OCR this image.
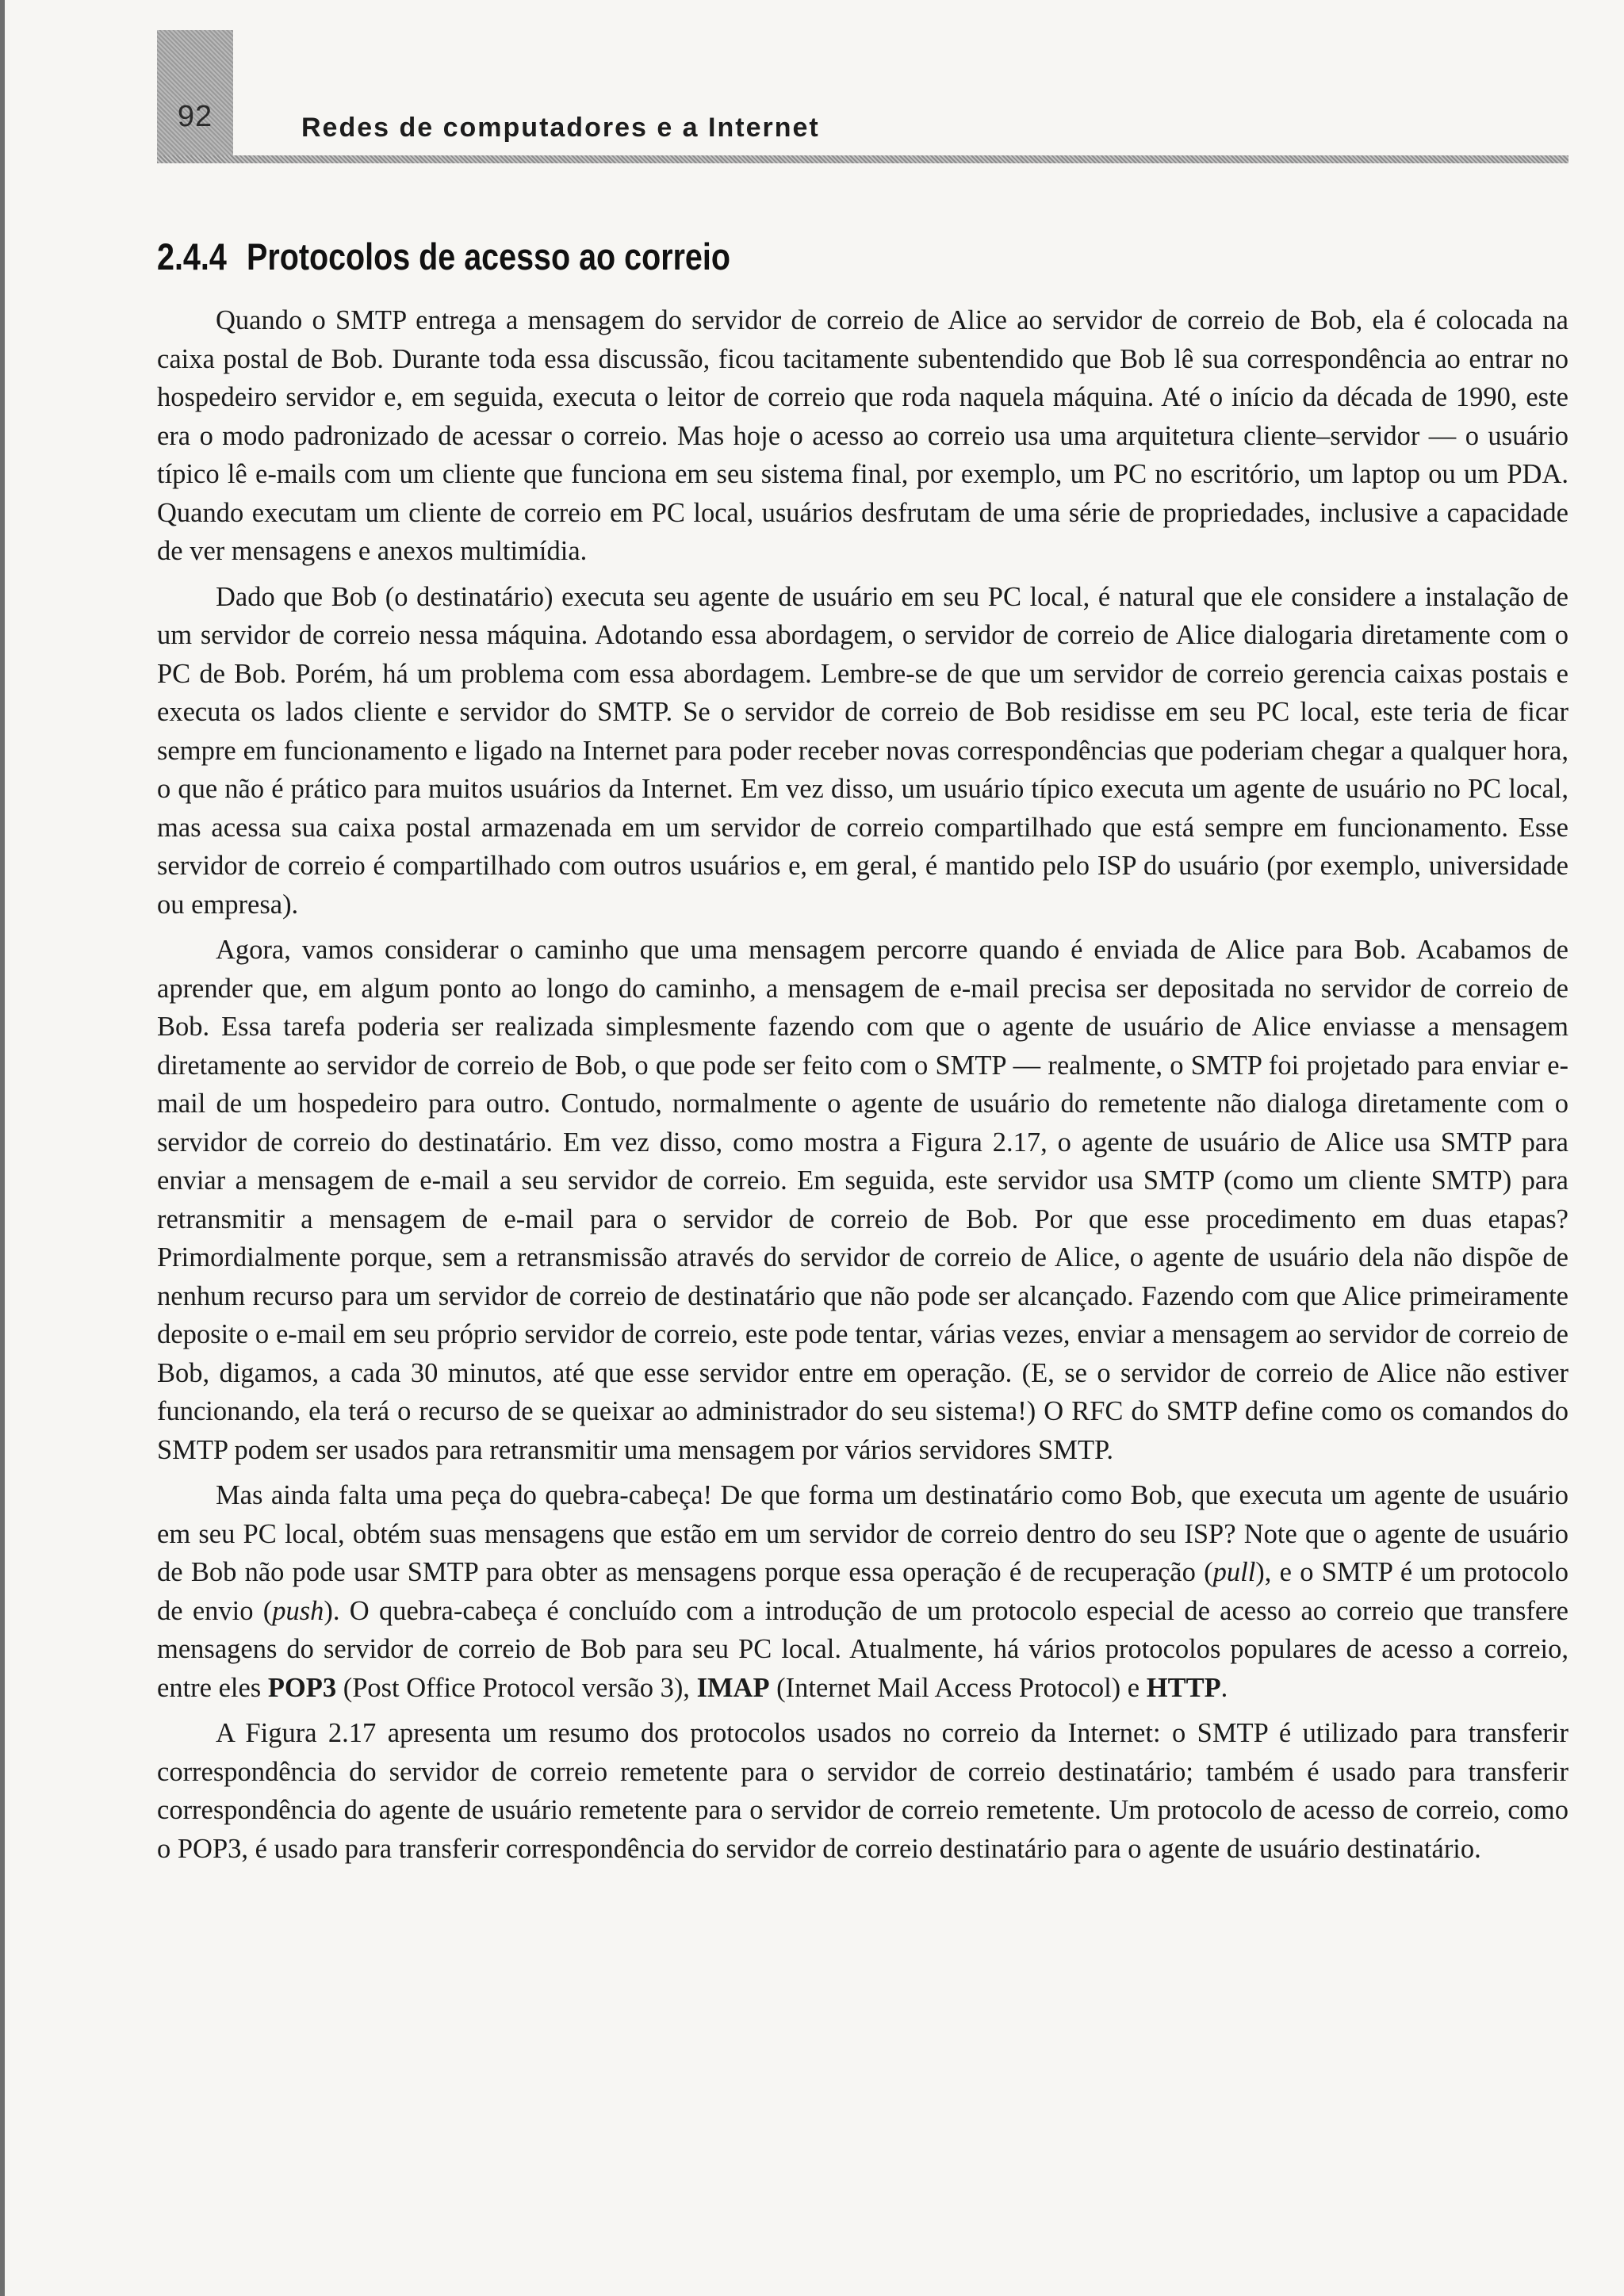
92	Redes de computadores e a Internet
2.4.4 Protocolos de acesso ao correio

Quando o SMTP entrega a mensagem do servidor de correio de Alice ao servidor de correio de Bob, ela é colocada na caixa postal de Bob. Durante toda essa discussão, ficou tacitamente subentendido que Bob lê sua correspondência ao entrar no hospedeiro servidor e, em seguida, executa o leitor de correio que roda naquela máquina. Até o início da década de 1990, este era o modo padronizado de acessar o correio. Mas hoje o acesso ao correio usa uma arquitetura cliente–servidor — o usuário típico lê e-mails com um cliente que funciona em seu sistema final, por exemplo, um PC no escritório, um laptop ou um PDA. Quando executam um cliente de correio em PC local, usuários desfrutam de uma série de propriedades, inclusive a capacidade de ver mensagens e anexos multimídia.

Dado que Bob (o destinatário) executa seu agente de usuário em seu PC local, é natural que ele considere a instalação de um servidor de correio nessa máquina. Adotando essa abordagem, o servidor de correio de Alice dialogaria diretamente com o PC de Bob. Porém, há um problema com essa abordagem. Lembre-se de que um servidor de correio gerencia caixas postais e executa os lados cliente e servidor do SMTP. Se o servidor de correio de Bob residisse em seu PC local, este teria de ficar sempre em funcionamento e ligado na Internet para poder receber novas correspondências que poderiam chegar a qualquer hora, o que não é prático para muitos usuários da Internet. Em vez disso, um usuário típico executa um agente de usuário no PC local, mas acessa sua caixa postal armazenada em um servidor de correio compartilhado que está sempre em funcionamento. Esse servidor de correio é compartilhado com outros usuários e, em geral, é mantido pelo ISP do usuário (por exemplo, universidade ou empresa).

Agora, vamos considerar o caminho que uma mensagem percorre quando é enviada de Alice para Bob. Acabamos de aprender que, em algum ponto ao longo do caminho, a mensagem de e-mail precisa ser depositada no servidor de correio de Bob. Essa tarefa poderia ser realizada simplesmente fazendo com que o agente de usuário de Alice enviasse a mensagem diretamente ao servidor de correio de Bob, o que pode ser feito com o SMTP — realmente, o SMTP foi projetado para enviar e-mail de um hospedeiro para outro. Contudo, normalmente o agente de usuário do remetente não dialoga diretamente com o servidor de correio do destinatário. Em vez disso, como mostra a Figura 2.17, o agente de usuário de Alice usa SMTP para enviar a mensagem de e-mail a seu servidor de correio. Em seguida, este servidor usa SMTP (como um cliente SMTP) para retransmitir a mensagem de e-mail para o servidor de correio de Bob. Por que esse procedimento em duas etapas? Primordialmente porque, sem a retransmissão através do servidor de correio de Alice, o agente de usuário dela não dispõe de nenhum recurso para um servidor de correio de destinatário que não pode ser alcançado. Fazendo com que Alice primeiramente deposite o e-mail em seu próprio servidor de correio, este pode tentar, várias vezes, enviar a mensagem ao servidor de correio de Bob, digamos, a cada 30 minutos, até que esse servidor entre em operação. (E, se o servidor de correio de Alice não estiver funcionando, ela terá o recurso de se queixar ao administrador do seu sistema!) O RFC do SMTP define como os comandos do SMTP podem ser usados para retransmitir uma mensagem por vários servidores SMTP.

Mas ainda falta uma peça do quebra-cabeça! De que forma um destinatário como Bob, que executa um agente de usuário em seu PC local, obtém suas mensagens que estão em um servidor de correio dentro do seu ISP? Note que o agente de usuário de Bob não pode usar SMTP para obter as mensagens porque essa operação é de recuperação (pull), e o SMTP é um protocolo de envio (push). O quebra-cabeça é concluído com a introdução de um protocolo especial de acesso ao correio que transfere mensagens do servidor de correio de Bob para seu PC local. Atualmente, há vários protocolos populares de acesso a correio, entre eles POP3 (Post Office Protocol versão 3), IMAP (Internet Mail Access Protocol) e HTTP.

A Figura 2.17 apresenta um resumo dos protocolos usados no correio da Internet: o SMTP é utilizado para transferir correspondência do servidor de correio remetente para o servidor de correio destinatário; também é usado para transferir correspondência do agente de usuário remetente para o servidor de correio remetente. Um protocolo de acesso de correio, como o POP3, é usado para transferir correspondência do servidor de correio destinatário para o agente de usuário destinatário.
